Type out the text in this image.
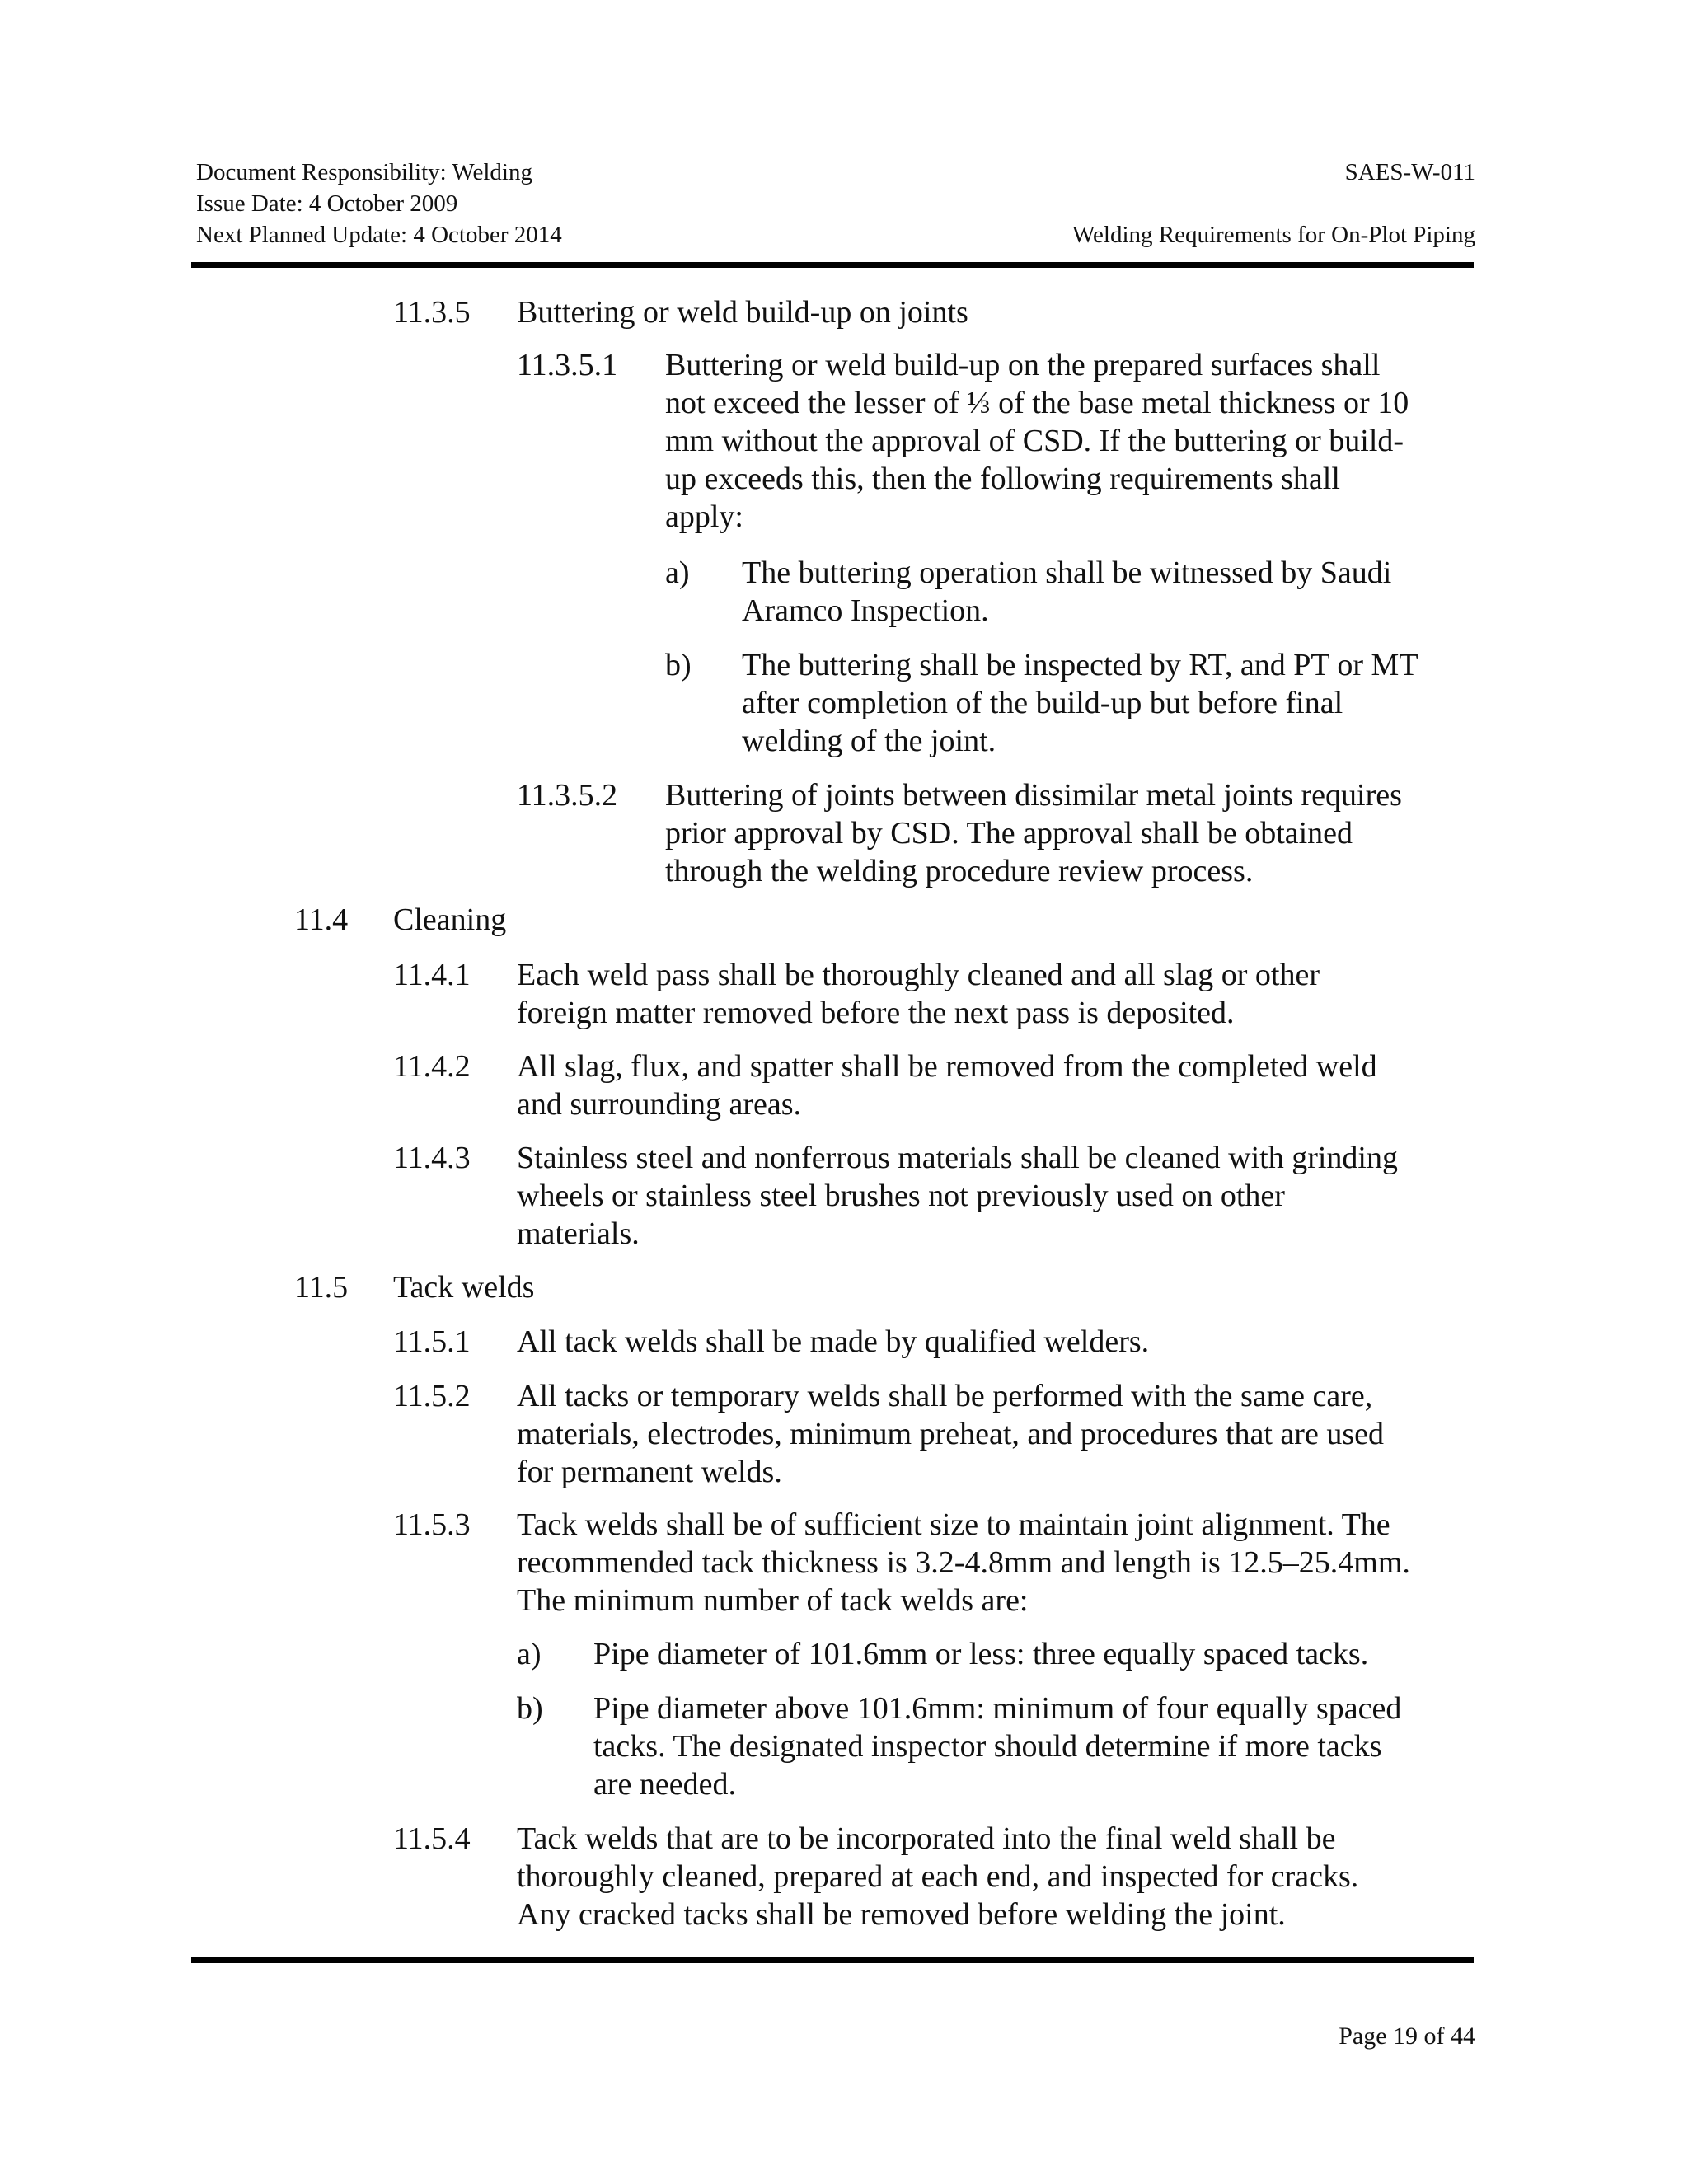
Document Responsibility: Welding
Issue Date: 4 October 2009
Next Planned Update: 4 October 2014
SAES-W-011
Welding Requirements for On-Plot Piping
11.3.5 Buttering or weld build-up on joints
11.3.5.1 Buttering or weld build-up on the prepared surfaces shall
not exceed the lesser of ⅓ of the base metal thickness or 10
mm without the approval of CSD. If the buttering or build-
up exceeds this, then the following requirements shall
apply:
a) The buttering operation shall be witnessed by Saudi
Aramco Inspection.
b) The buttering shall be inspected by RT, and PT or MT
after completion of the build-up but before final
welding of the joint.
11.3.5.2 Buttering of joints between dissimilar metal joints requires
prior approval by CSD. The approval shall be obtained
through the welding procedure review process.
11.4 Cleaning
11.4.1 Each weld pass shall be thoroughly cleaned and all slag or other
foreign matter removed before the next pass is deposited.
11.4.2 All slag, flux, and spatter shall be removed from the completed weld
and surrounding areas.
11.4.3 Stainless steel and nonferrous materials shall be cleaned with grinding
wheels or stainless steel brushes not previously used on other
materials.
11.5 Tack welds
11.5.1 All tack welds shall be made by qualified welders.
11.5.2 All tacks or temporary welds shall be performed with the same care,
materials, electrodes, minimum preheat, and procedures that are used
for permanent welds.
11.5.3 Tack welds shall be of sufficient size to maintain joint alignment. The
recommended tack thickness is 3.2-4.8mm and length is 12.5–25.4mm.
The minimum number of tack welds are:
a) Pipe diameter of 101.6mm or less: three equally spaced tacks.
b) Pipe diameter above 101.6mm: minimum of four equally spaced
tacks. The designated inspector should determine if more tacks
are needed.
11.5.4 Tack welds that are to be incorporated into the final weld shall be
thoroughly cleaned, prepared at each end, and inspected for cracks.
Any cracked tacks shall be removed before welding the joint.
Page 19 of 44
